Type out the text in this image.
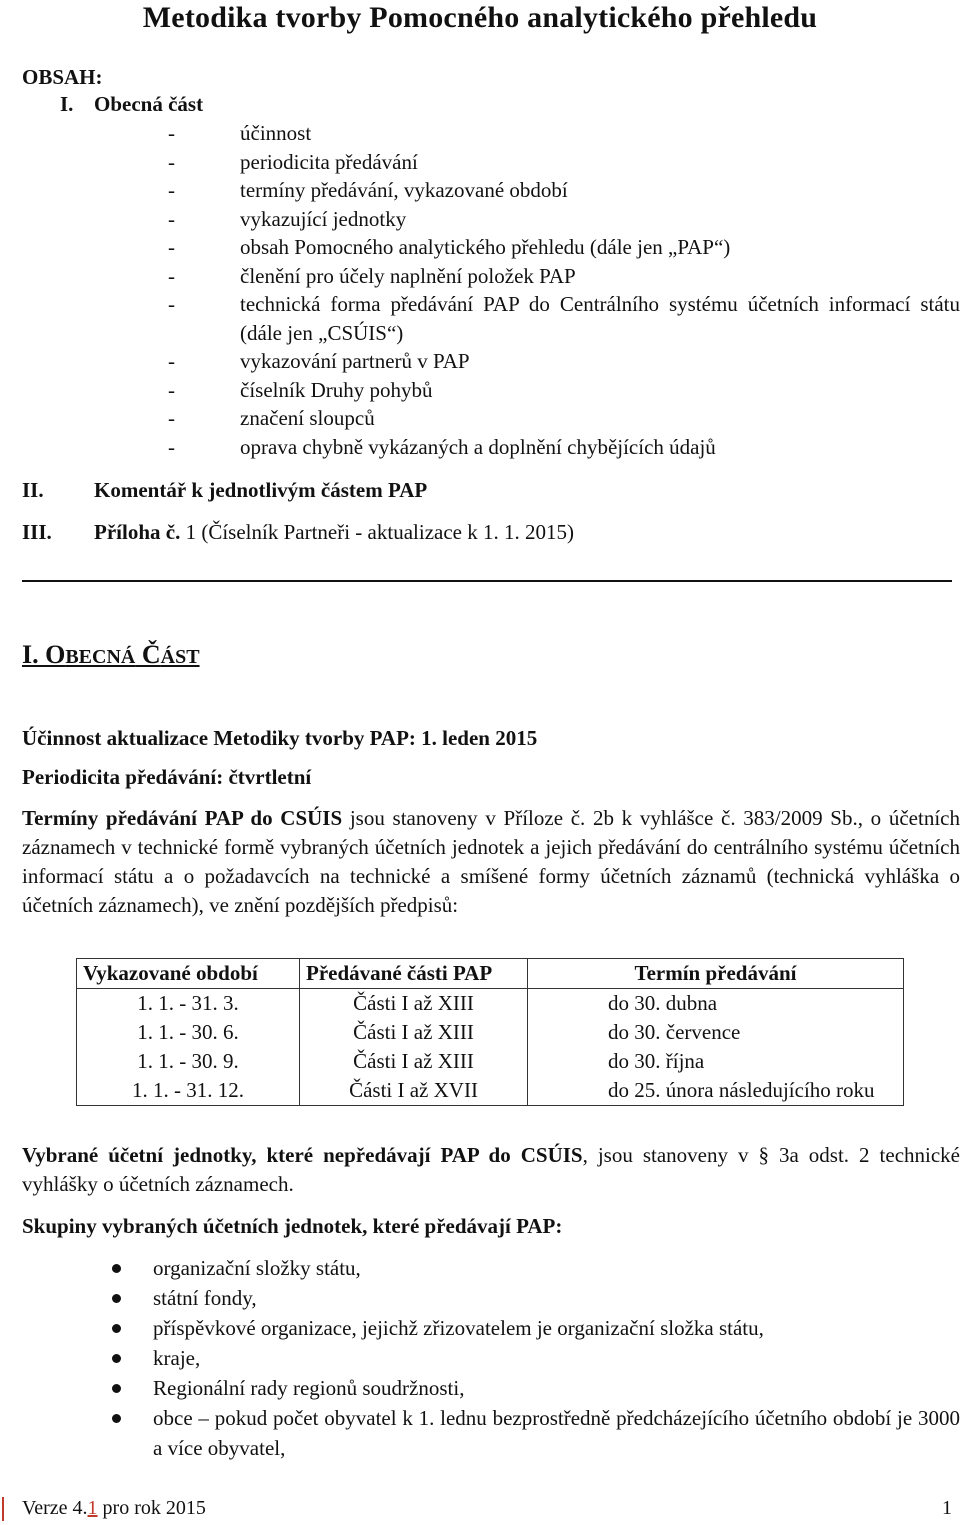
Metodika tvorby Pomocného analytického přehledu
OBSAH:
I. Obecná část
-	účinnost
-	periodicita předávání
-	termíny předávání, vykazované období
-	vykazující jednotky
-	obsah Pomocného analytického přehledu (dále jen „PAP“)
-	členění pro účely naplnění položek PAP
-	technická forma předávání PAP do Centrálního systému účetních informací státu (dále jen „CSÚIS“)
-	vykazování partnerů v PAP
-	číselník Druhy pohybů
-	značení sloupců
-	oprava chybně vykázaných a doplnění chybějících údajů
II. Komentář k jednotlivým částem PAP
III. Příloha č. 1 (Číselník Partneři - aktualizace k 1. 1. 2015)
I. OBECNÁ ČÁST
Účinnost aktualizace Metodiky tvorby PAP: 1. leden 2015
Periodicita předávání: čtvrtletní
Termíny předávání PAP do CSÚIS jsou stanoveny v Příloze č. 2b k vyhlášce č. 383/2009 Sb., o účetních záznamech v technické formě vybraných účetních jednotek a jejich předávání do centrálního systému účetních informací státu a o požadavcích na technické a smíšené formy účetních záznamů (technická vyhláška o účetních záznamech), ve znění pozdějších předpisů:
Vykazované období	Předávané části PAP	Termín předávání
1. 1. - 31. 3.	Části I až XIII	do 30. dubna
1. 1. - 30. 6.	Části I až XIII	do 30. července
1. 1. - 30. 9.	Části I až XIII	do 30. října
1. 1. - 31. 12.	Části I až XVII	do 25. února následujícího roku
Vybrané účetní jednotky, které nepředávají PAP do CSÚIS, jsou stanoveny v § 3a odst. 2 technické vyhlášky o účetních záznamech.
Skupiny vybraných účetních jednotek, které předávají PAP:
organizační složky státu,
státní fondy,
příspěvkové organizace, jejichž zřizovatelem je organizační složka státu,
kraje,
Regionální rady regionů soudržnosti,
obce – pokud počet obyvatel k 1. lednu bezprostředně předcházejícího účetního období je 3000 a více obyvatel,
Verze 4.1 pro rok 2015	1
